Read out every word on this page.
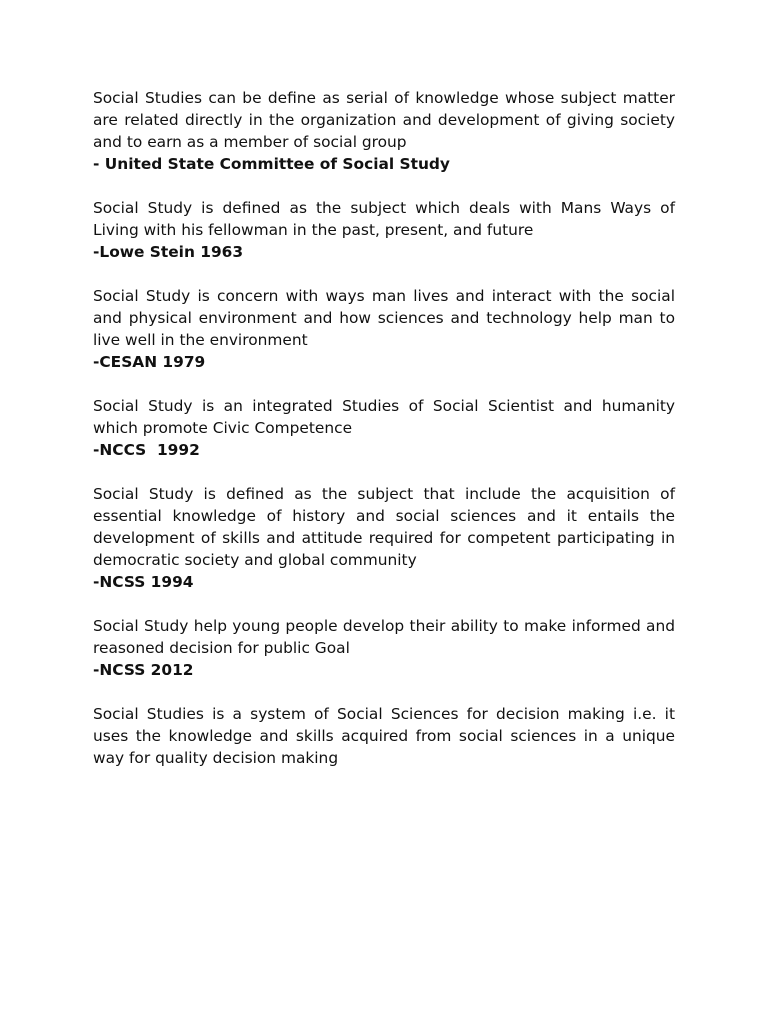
Social Studies can be define as serial of knowledge whose subject matter are related directly in the organization and development of giving society and to earn as a member of social group

- United State Committee of Social Study

Social Study is defined as the subject which deals with Mans Ways of Living with his fellowman in the past, present, and future

-Lowe Stein 1963

Social Study is concern with ways man lives and interact with the social and physical environment and how sciences and technology help man to live well in the environment

-CESAN 1979

Social Study is an integrated Studies of Social Scientist and humanity which promote Civic Competence

-NCCS  1992

Social Study is defined as the subject that include the acquisition of essential knowledge of history and social sciences and it entails the development of skills and attitude required for competent participating in democratic society and global community

-NCSS 1994

Social Study help young people develop their ability to make informed and reasoned decision for public Goal

-NCSS 2012

Social Studies is a system of Social Sciences for decision making i.e. it uses the knowledge and skills acquired from social sciences in a unique way for quality decision making
